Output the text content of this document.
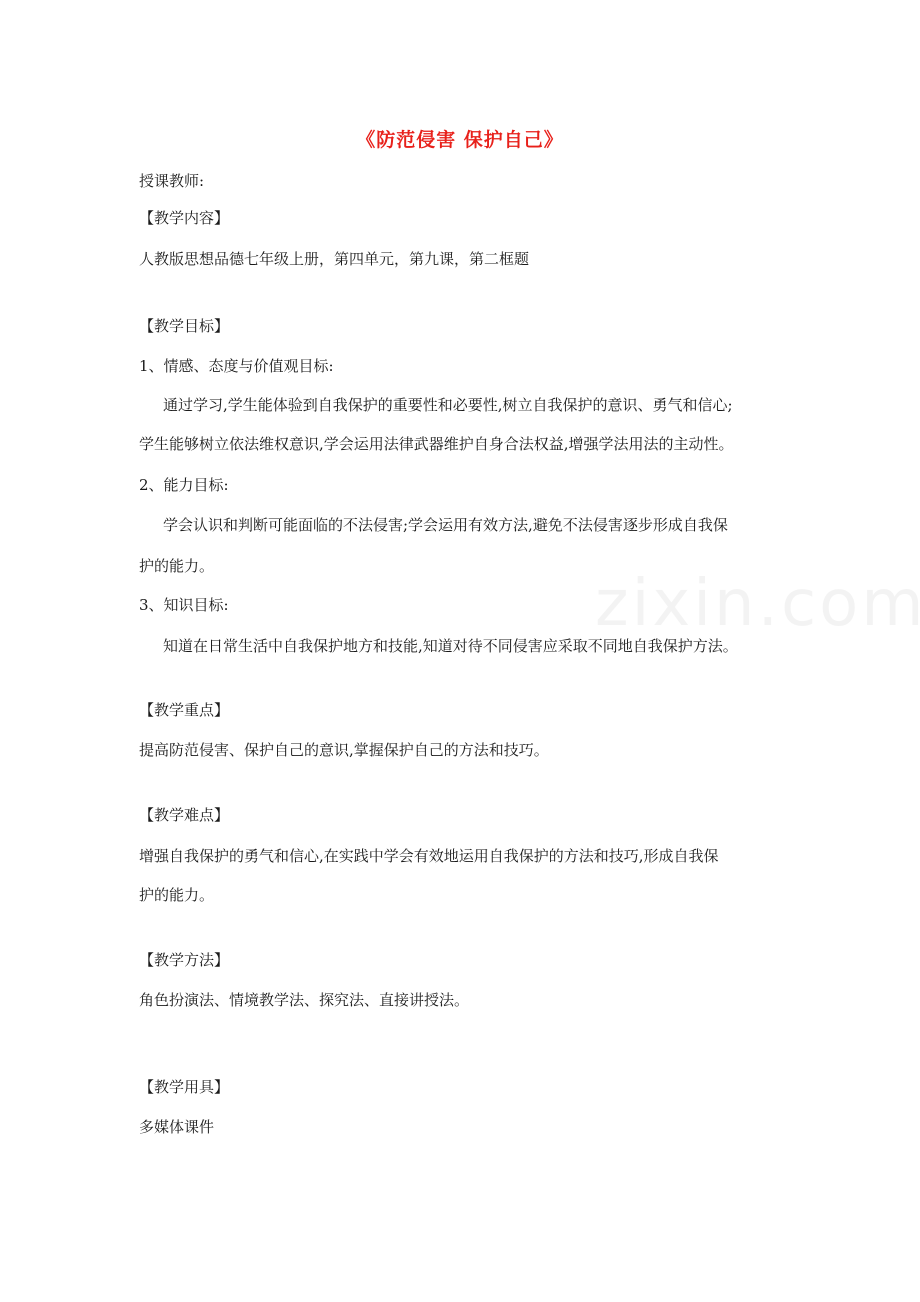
《防范侵害 保护自己》
授课教师:
【教学内容】
人教版思想品德七年级上册，第四单元，第九课，第二框题
【教学目标】
1、情感、态度与价值观目标:
通过学习,学生能体验到自我保护的重要性和必要性,树立自我保护的意识、勇气和信心;
学生能够树立依法维权意识,学会运用法律武器维护自身合法权益,增强学法用法的主动性。
2、能力目标:
学会认识和判断可能面临的不法侵害;学会运用有效方法,避免不法侵害逐步形成自我保
护的能力。
3、知识目标:
知道在日常生活中自我保护地方和技能,知道对待不同侵害应采取不同地自我保护方法。
【教学重点】
提高防范侵害、保护自己的意识,掌握保护自己的方法和技巧。
【教学难点】
增强自我保护的勇气和信心,在实践中学会有效地运用自我保护的方法和技巧,形成自我保
护的能力。
【教学方法】
角色扮演法、情境教学法、探究法、直接讲授法。
【教学用具】
多媒体课件
